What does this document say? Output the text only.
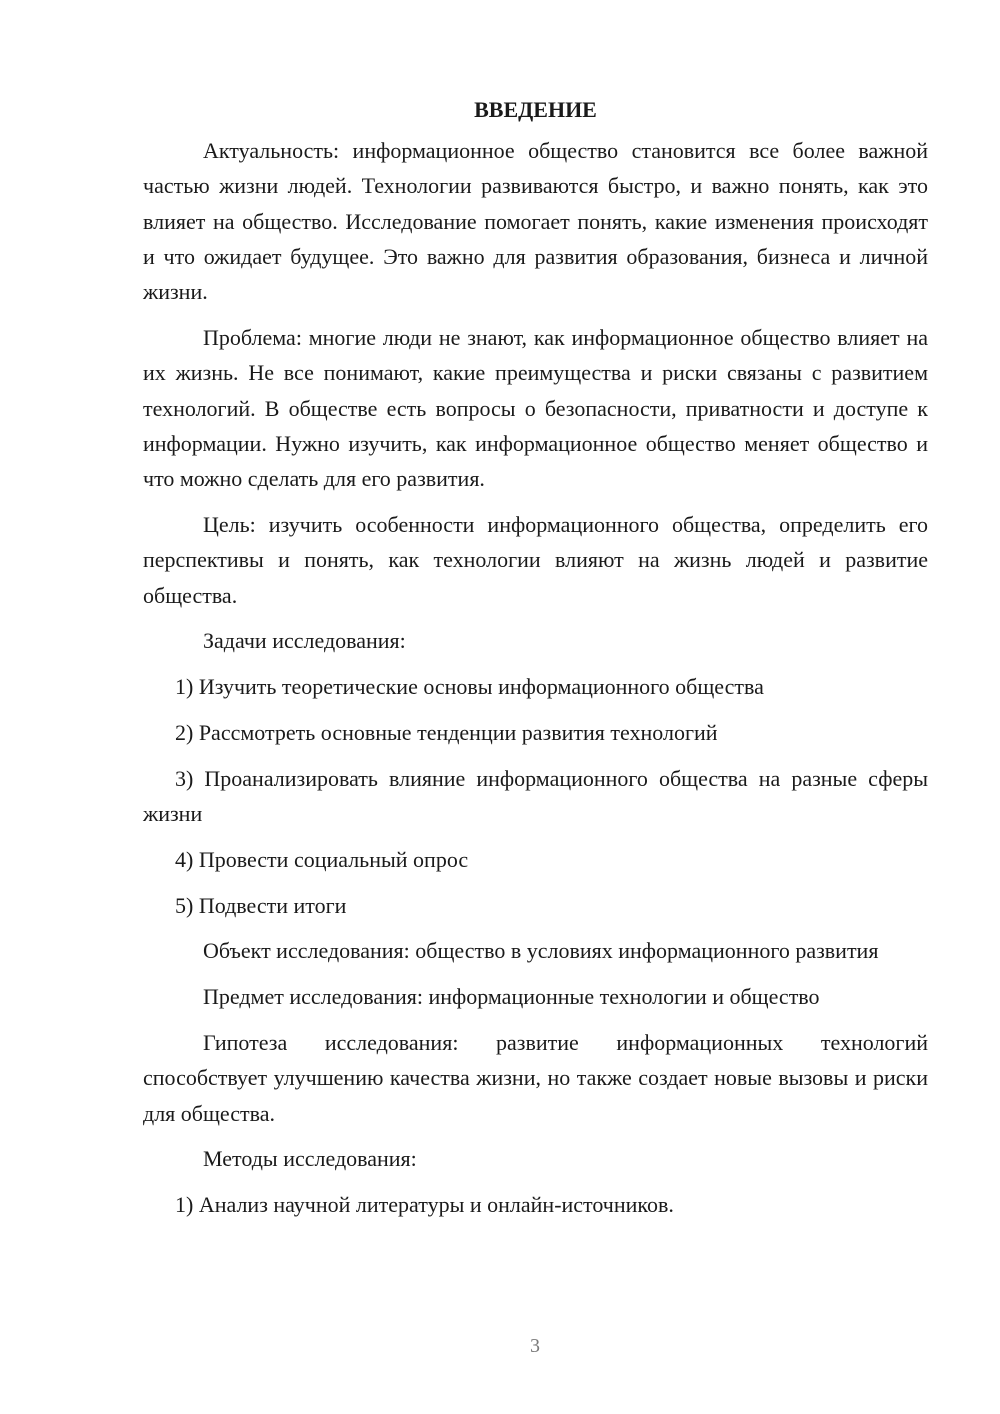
ВВЕДЕНИЕ

Актуальность: информационное общество становится все более важной частью жизни людей. Технологии развиваются быстро, и важно понять, как это влияет на общество. Исследование помогает понять, какие изменения происходят и что ожидает будущее. Это важно для развития образования, бизнеса и личной жизни.

Проблема: многие люди не знают, как информационное общество влияет на их жизнь. Не все понимают, какие преимущества и риски связаны с развитием технологий. В обществе есть вопросы о безопасности, приватности и доступе к информации. Нужно изучить, как информационное общество меняет общество и что можно сделать для его развития.

Цель: изучить особенности информационного общества, определить его перспективы и понять, как технологии влияют на жизнь людей и развитие общества.

Задачи исследования:

1) Изучить теоретические основы информационного общества

2) Рассмотреть основные тенденции развития технологий

3) Проанализировать влияние информационного общества на разные сферы жизни

4) Провести социальный опрос

5) Подвести итоги

Объект исследования: общество в условиях информационного развития

Предмет исследования: информационные технологии и общество

Гипотеза исследования: развитие информационных технологий способствует улучшению качества жизни, но также создает новые вызовы и риски для общества.

Методы исследования:

1) Анализ научной литературы и онлайн-источников.

3
